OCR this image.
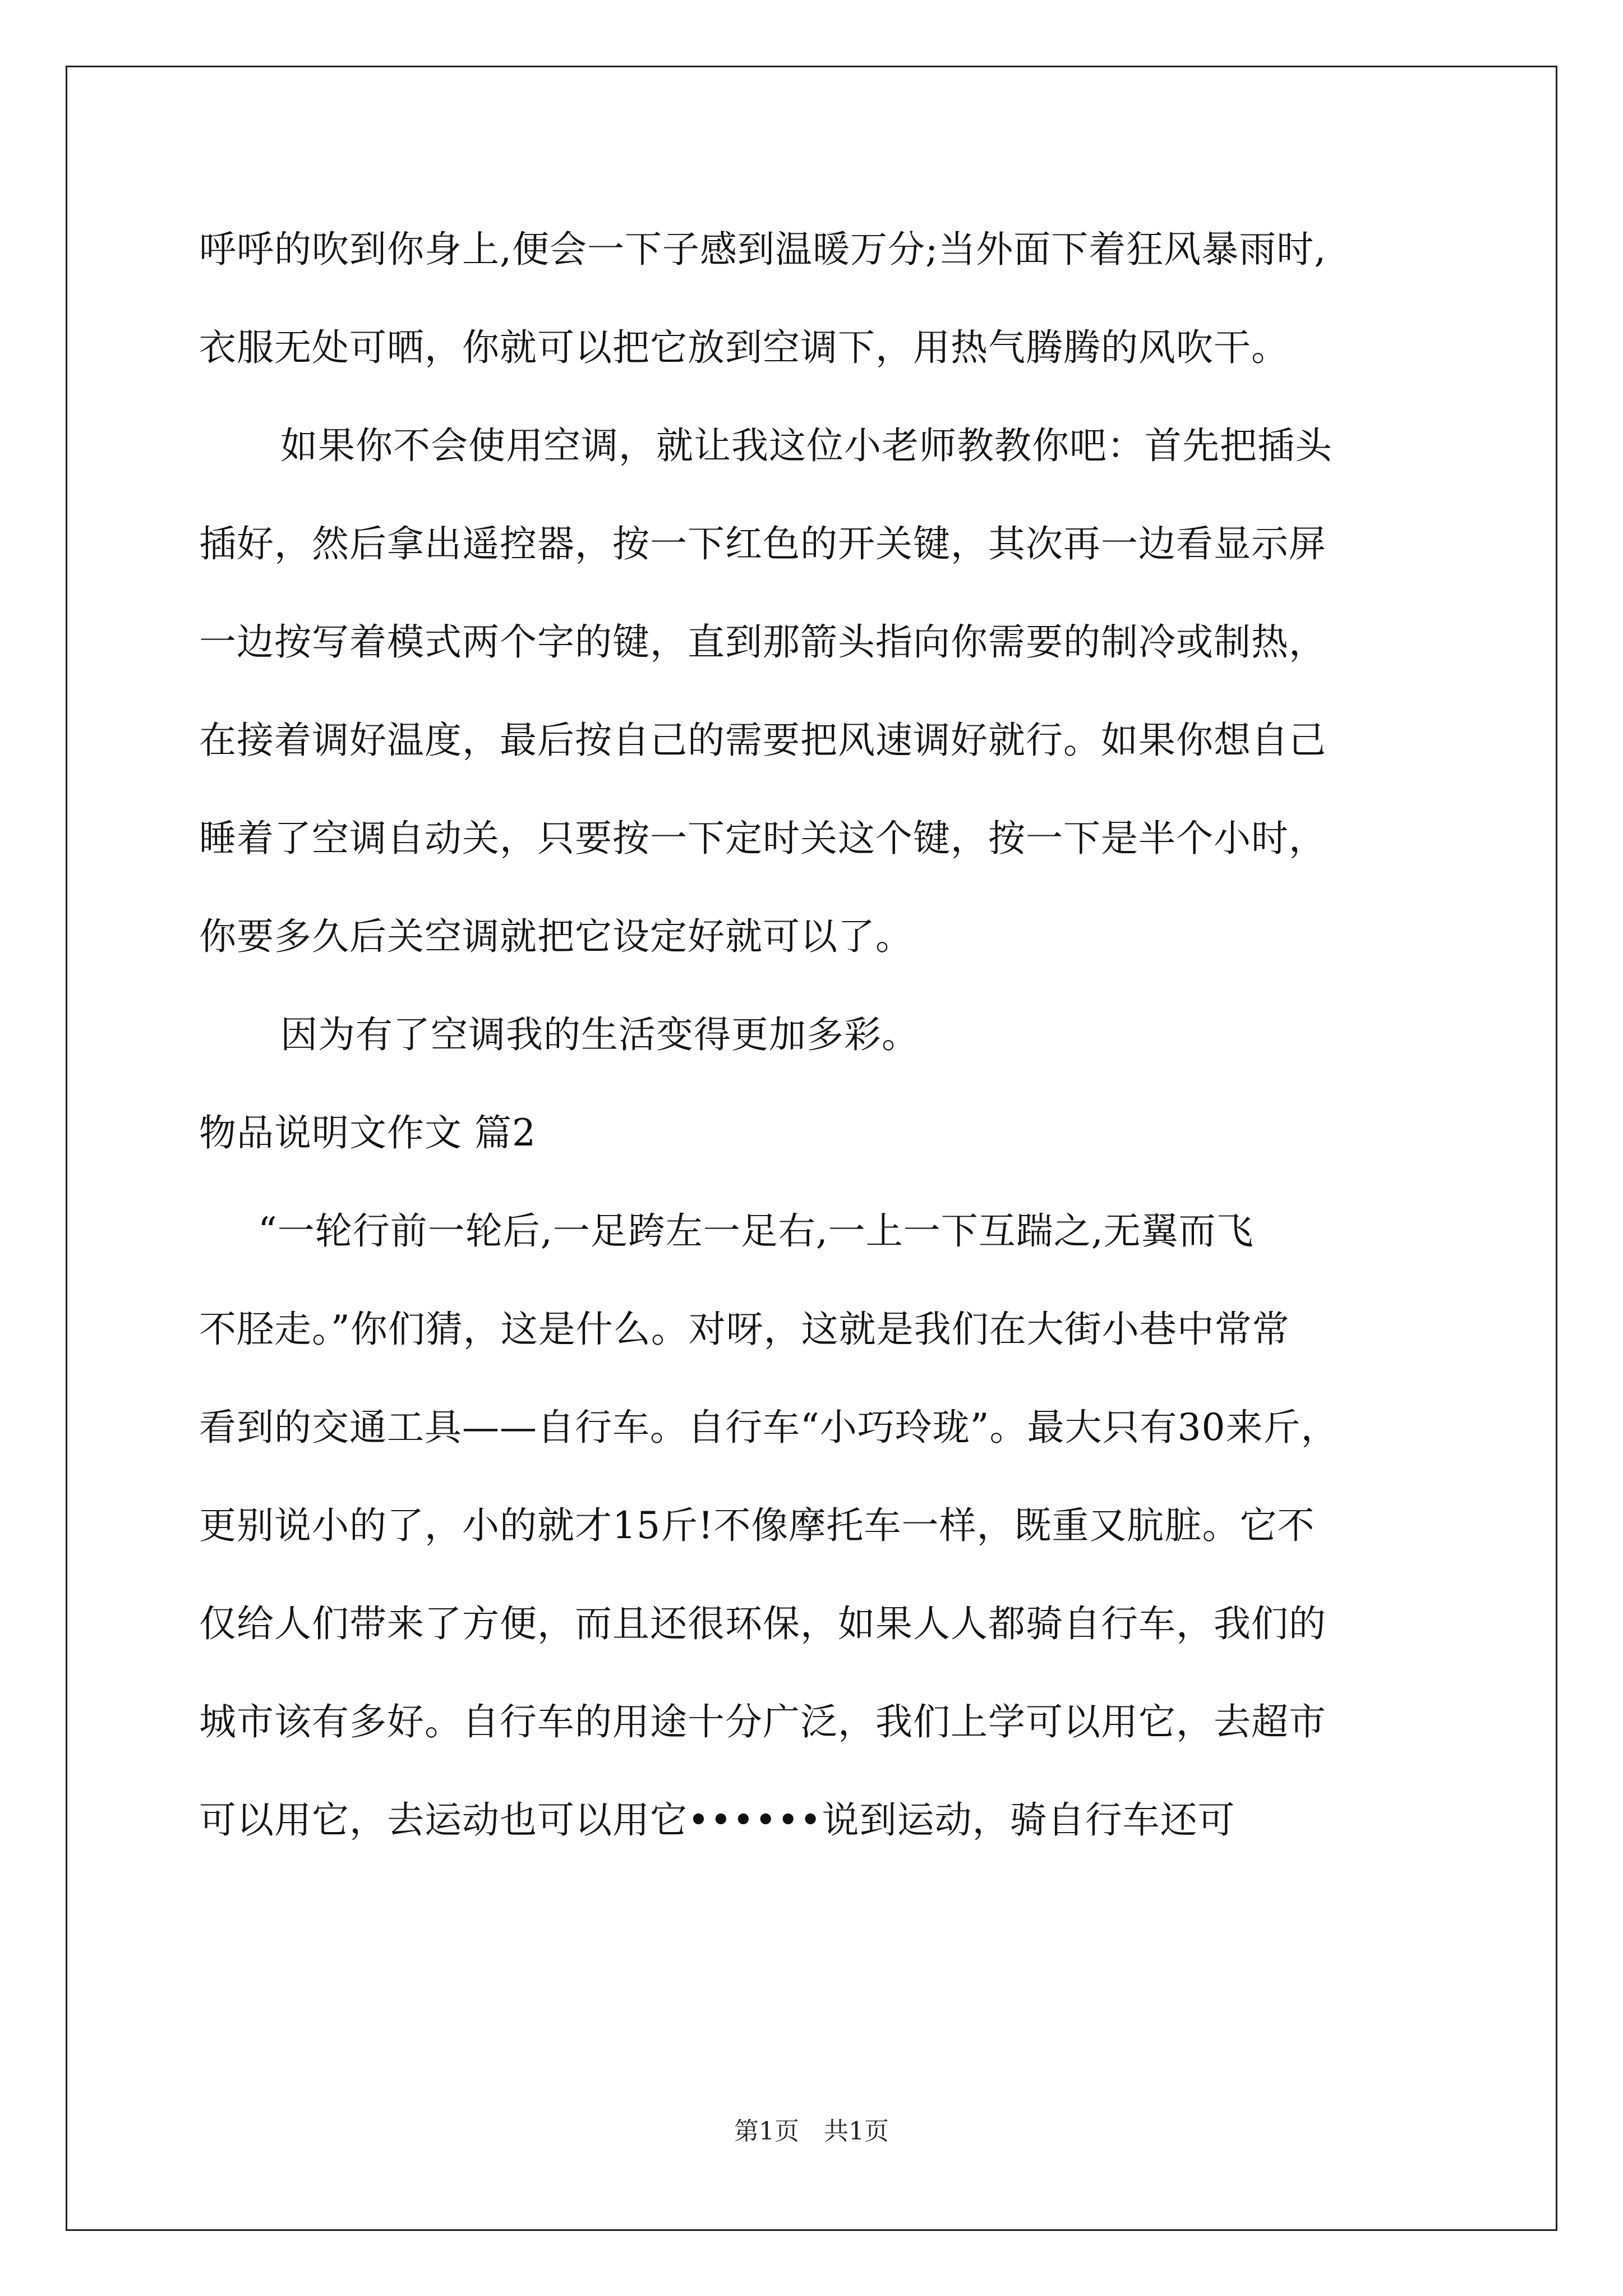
呼呼的吹到你身上,便会一下子感到温暖万分;当外面下着狂风暴雨时,
衣服无处可晒，你就可以把它放到空调下，用热气腾腾的风吹干。
如果你不会使用空调，就让我这位小老师教教你吧：首先把插头
插好，然后拿出遥控器，按一下红色的开关键，其次再一边看显示屏
一边按写着模式两个字的键，直到那箭头指向你需要的制冷或制热，
在接着调好温度，最后按自己的需要把风速调好就行。如果你想自己
睡着了空调自动关，只要按一下定时关这个键，按一下是半个小时，
你要多久后关空调就把它设定好就可以了。
因为有了空调我的生活变得更加多彩。
物品说明文作文 篇2
“一轮行前一轮后,一足跨左一足右,一上一下互踹之,无翼而飞
不胫走。”你们猜，这是什么。对呀，这就是我们在大街小巷中常常
看到的交通工具——自行车。自行车“小巧玲珑”。最大只有30来斤，
更别说小的了，小的就才15斤!不像摩托车一样，既重又肮脏。它不
仅给人们带来了方便，而且还很环保，如果人人都骑自行车，我们的
城市该有多好。自行车的用途十分广泛，我们上学可以用它，去超市
可以用它，去运动也可以用它••••••说到运动，骑自行车还可
第1页　共1页
